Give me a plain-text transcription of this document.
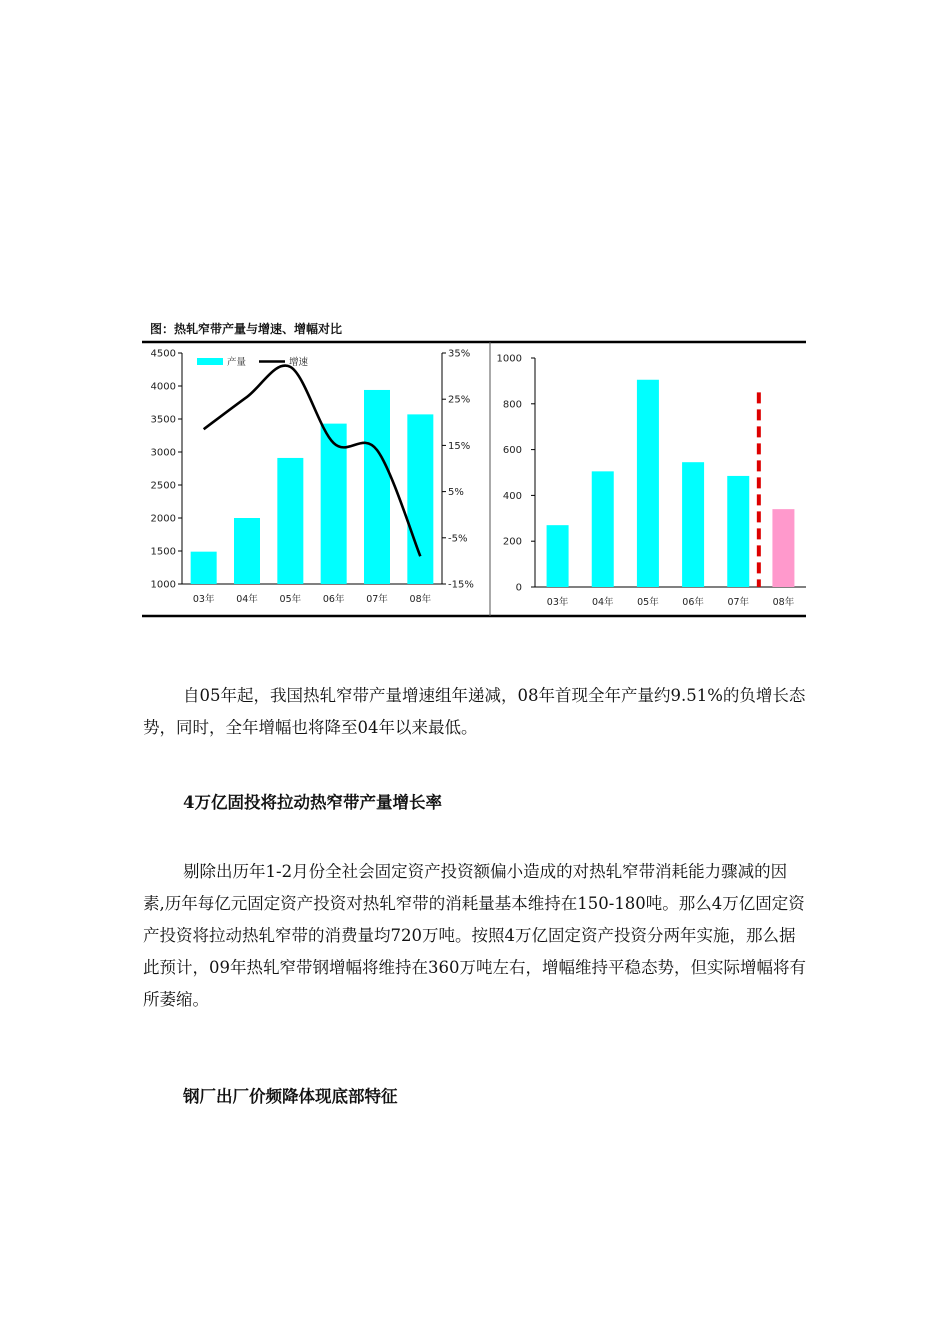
图：热轧窄带产量与增速、增幅对比
1000
1500
2000
2500
3000
3500
4000
4500
-15%
-5%
5%
15%
25%
35%
03年 04年 05年 06年 07年 08年
产量	增速
0
200
400
600
800
1000
03年 04年 05年 06年 07年 08年

自05年起，我国热轧窄带产量增速组年递减，08年首现全年产量约9.51%的负增长态势，同时，全年增幅也将降至04年以来最低。

4万亿固投将拉动热窄带产量增长率

剔除出历年1-2月份全社会固定资产投资额偏小造成的对热轧窄带消耗能力骤减的因素,历年每亿元固定资产投资对热轧窄带的消耗量基本维持在150-180吨。那么4万亿固定资产投资将拉动热轧窄带的消费量均720万吨。按照4万亿固定资产投资分两年实施，那么据此预计，09年热轧窄带钢增幅将维持在360万吨左右，增幅维持平稳态势，但实际增幅将有所萎缩。

钢厂出厂价频降体现底部特征
